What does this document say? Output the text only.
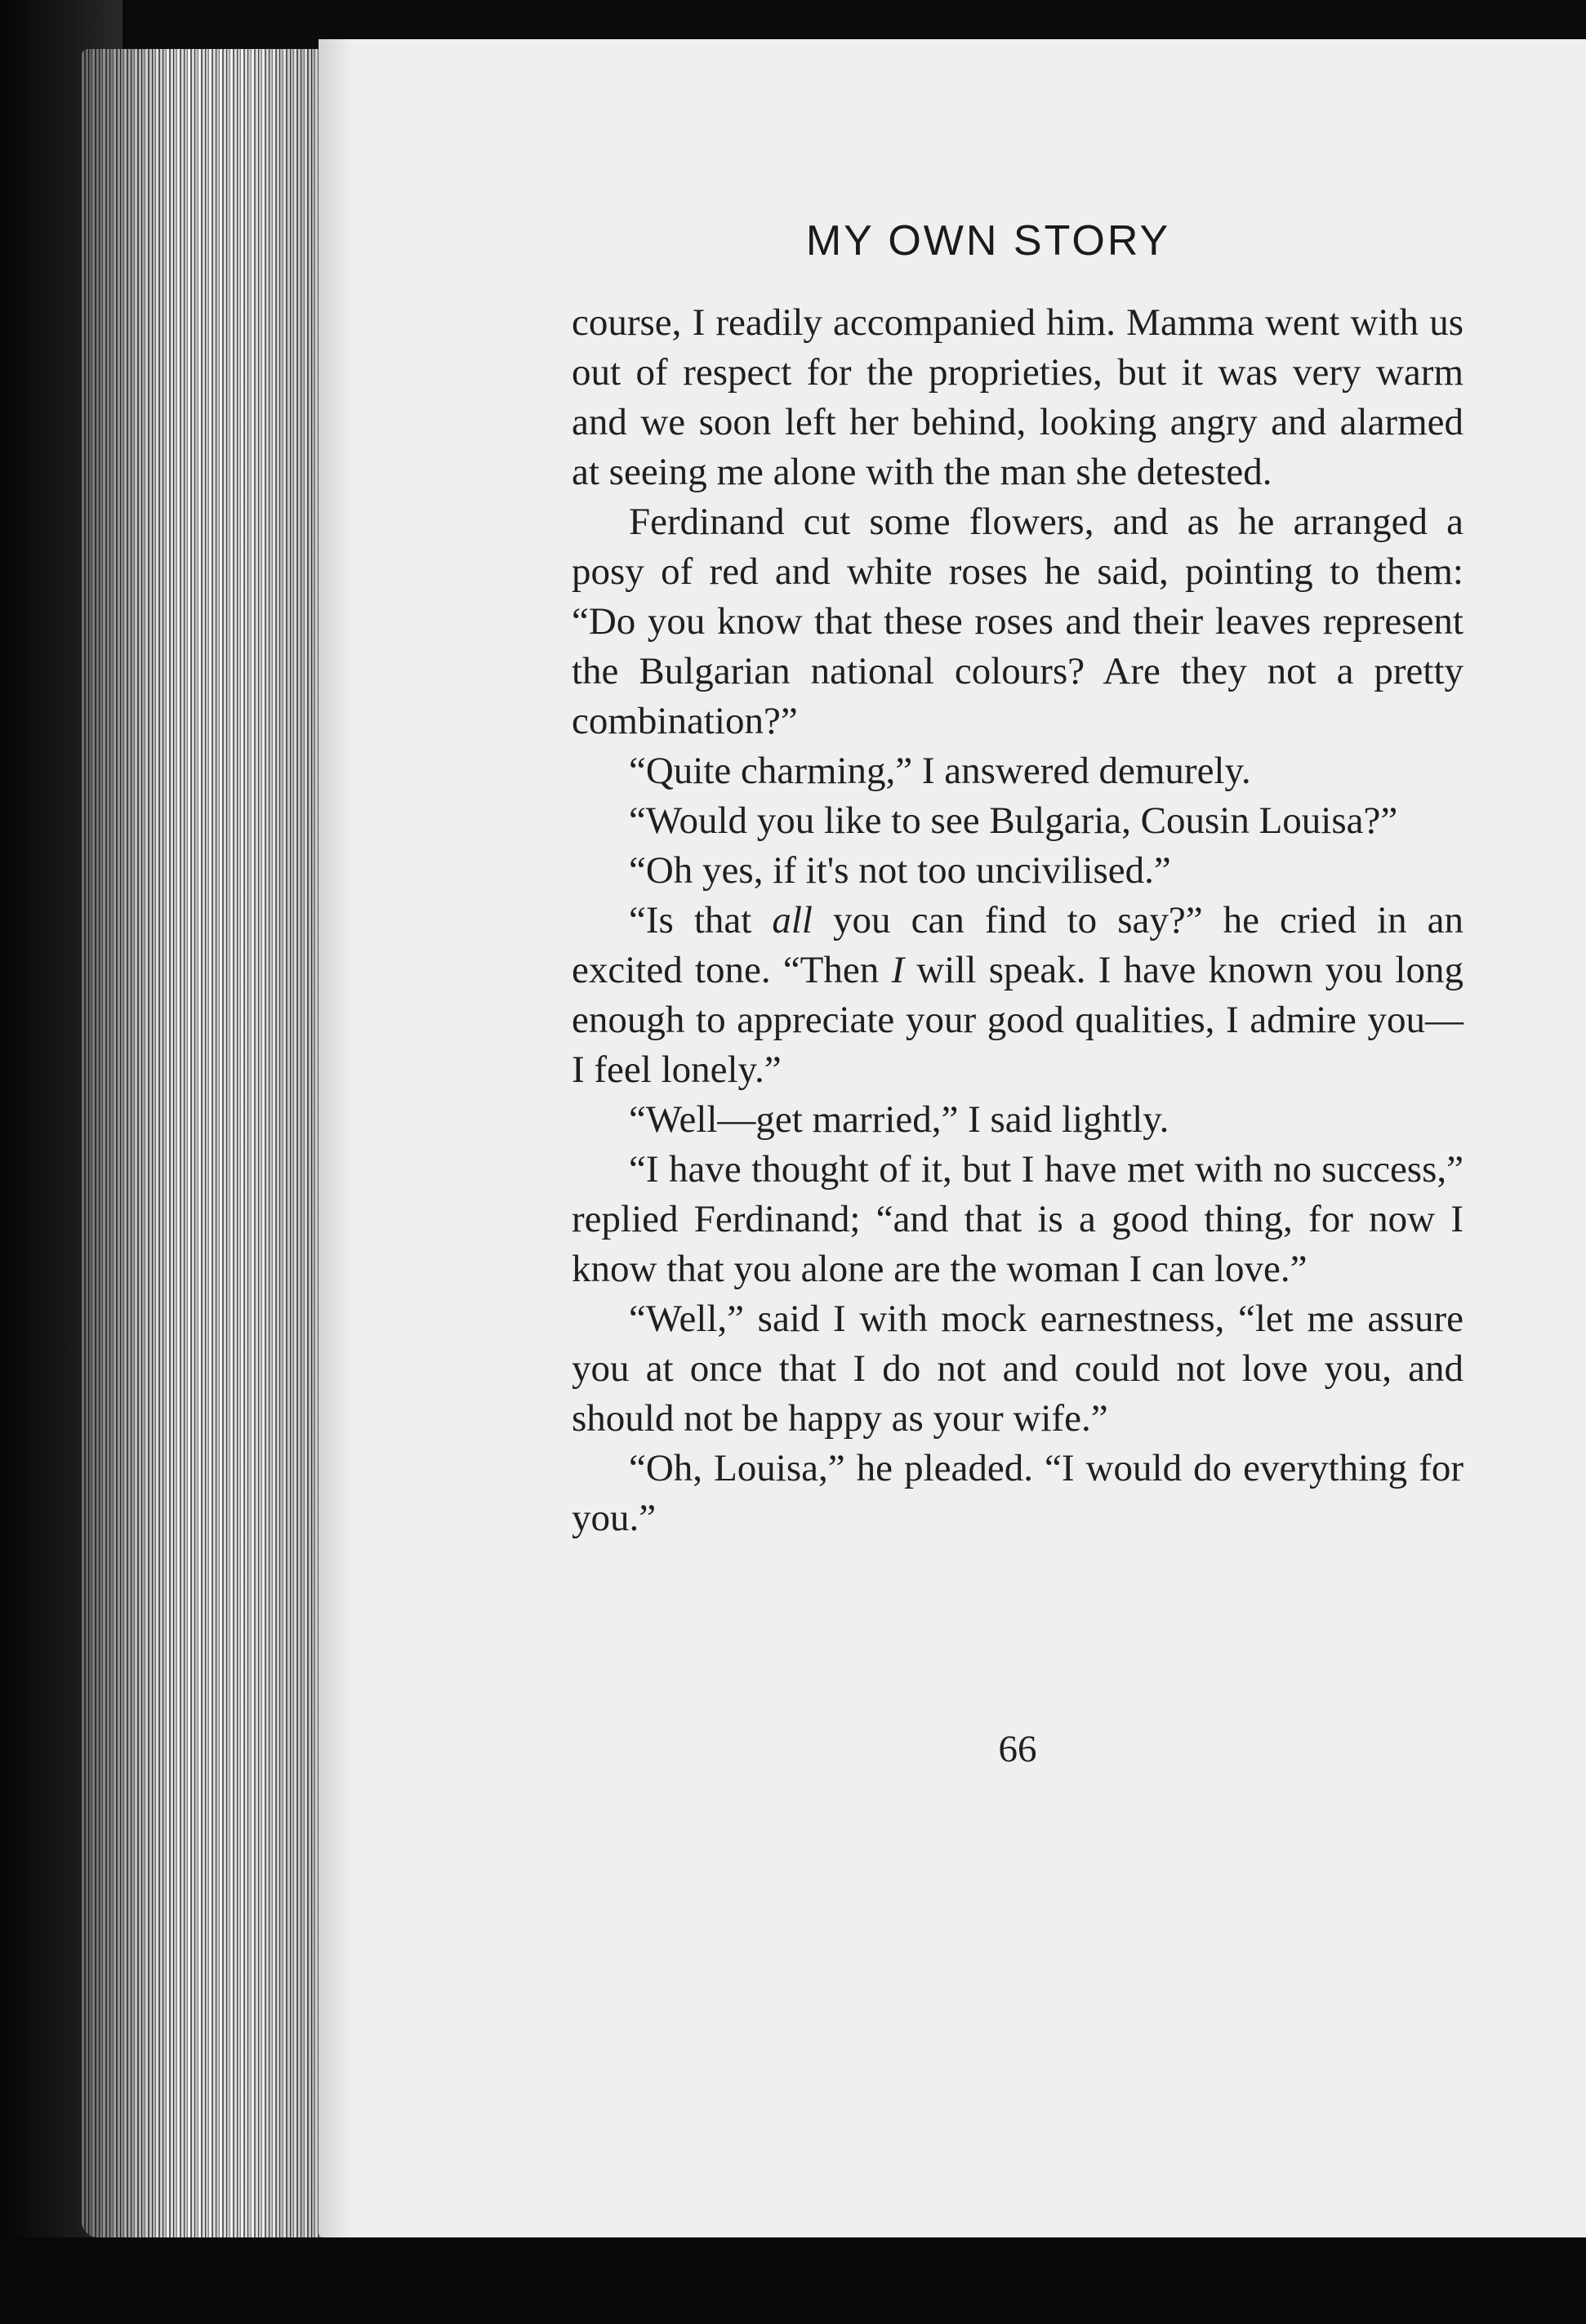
MY OWN STORY

course, I readily accompanied him. Mamma went with us out of respect for the proprieties, but it was very warm and we soon left her behind, looking angry and alarmed at seeing me alone with the man she detested.

Ferdinand cut some flowers, and as he arranged a posy of red and white roses he said, pointing to them: “Do you know that these roses and their leaves represent the Bulgarian national colours? Are they not a pretty combination?”

“Quite charming,” I answered demurely.

“Would you like to see Bulgaria, Cousin Louisa?”

“Oh yes, if it's not too uncivilised.”

“Is that all you can find to say?” he cried in an excited tone. “Then I will speak. I have known you long enough to appreciate your good qualities, I admire you—I feel lonely.”

“Well—get married,” I said lightly.

“I have thought of it, but I have met with no success,” replied Ferdinand; “and that is a good thing, for now I know that you alone are the woman I can love.”

“Well,” said I with mock earnestness, “let me assure you at once that I do not and could not love you, and should not be happy as your wife.”

“Oh, Louisa,” he pleaded. “I would do everything for you.”

66
